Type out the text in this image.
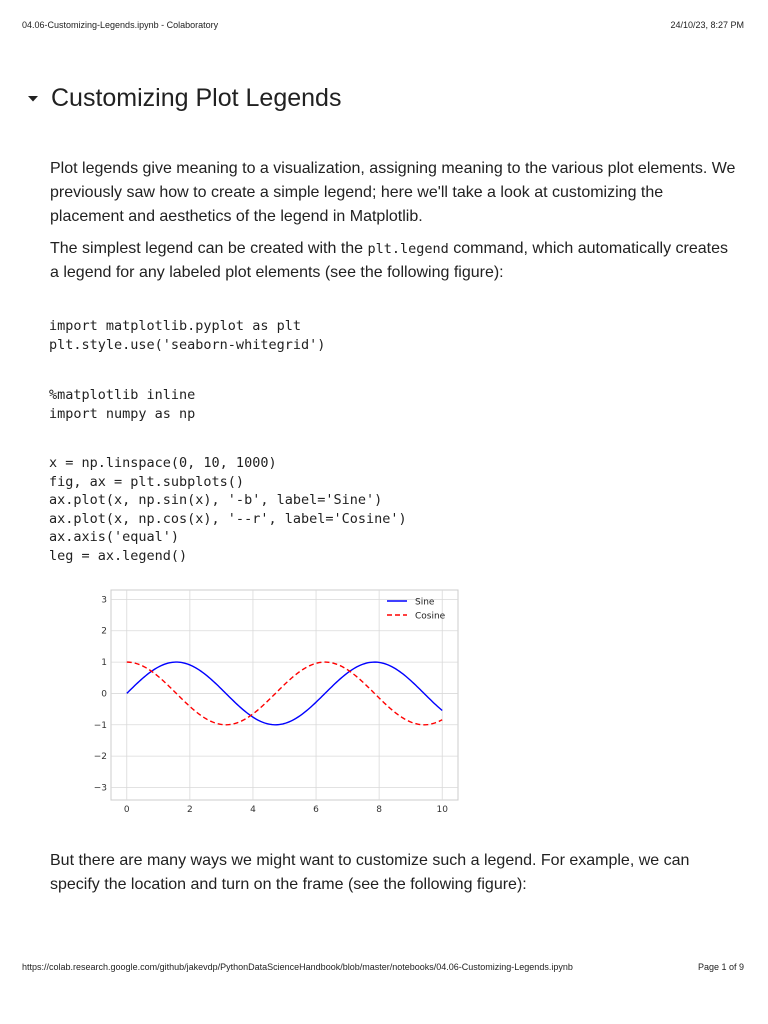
04.06-Customizing-Legends.ipynb - Colaboratory	24/10/23, 8:27 PM
Customizing Plot Legends

Plot legends give meaning to a visualization, assigning meaning to the various plot elements. We previously saw how to create a simple legend; here we'll take a look at customizing the placement and aesthetics of the legend in Matplotlib.

The simplest legend can be created with the plt.legend command, which automatically creates a legend for any labeled plot elements (see the following figure):

import matplotlib.pyplot as plt
plt.style.use('seaborn-whitegrid')
%matplotlib inline
import numpy as np
x = np.linspace(0, 10, 1000)
fig, ax = plt.subplots()
ax.plot(x, np.sin(x), '-b', label='Sine')
ax.plot(x, np.cos(x), '--r', label='Cosine')
ax.axis('equal')
leg = ax.legend()
0	2	4	6	8	10
3
2
1
0
−1
−2
−3
Sine
Cosine

But there are many ways we might want to customize such a legend. For example, we can specify the location and turn on the frame (see the following figure):

https://colab.research.google.com/github/jakevdp/PythonDataScienceHandbook/blob/master/notebooks/04.06-Customizing-Legends.ipynb	Page 1 of 9
